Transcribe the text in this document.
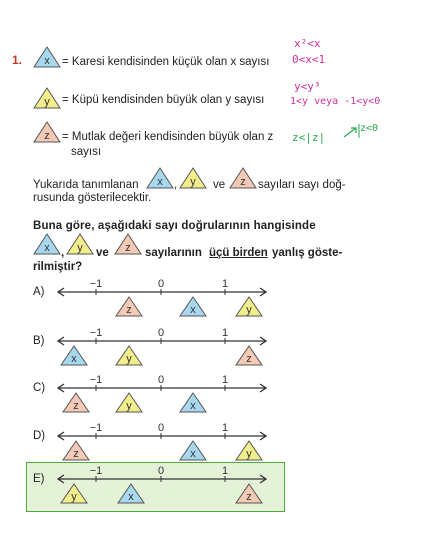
x²<x
0<x<1
y<y³
1<y veya -1<y<0
z<|z|
z<0
1. x = Karesi kendisinden küçük olan x sayısı
y = Küpü kendisinden büyük olan y sayısı
z = Mutlak değeri kendisinden büyük olan z
sayısı
Yukarıda tanımlanan x , y ve z sayıları sayı doğ-
rusunda gösterilecektir.
Buna göre, aşağıdaki sayı doğrularının hangisinde
x , y ve z sayılarının üçü birden yanlış göste-
rilmiştir?
A)
−1	0	1
z	x	y
B)
−1	0	1
x	y	z
C)
−1	0	1
z	y	x
D)
−1	0	1
z	x	y
E)
−1	0	1
y	x	z
